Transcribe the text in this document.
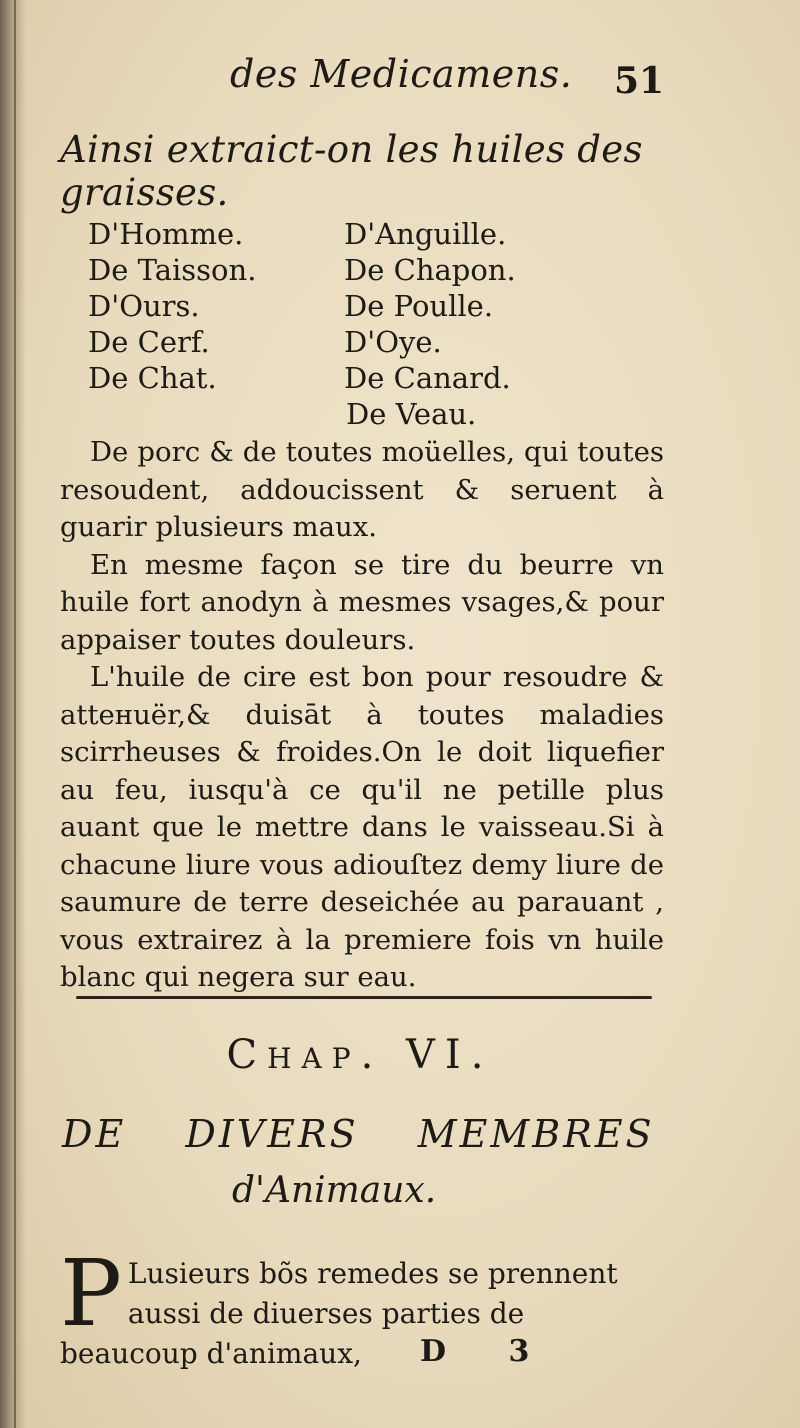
des Medicamens. 51
Ainsi extraict-on les huiles des graisses.
D'Homme.
De Taisson.
D'Ours.
De Cerf.
De Chat.
D'Anguille.
De Chapon.
De Poulle.
D'Oye.
De Canard.
De Veau.

De porc & de toutes moüelles, qui toutes resoudent, addoucissent & seruent à guarir plusieurs maux.

En mesme façon se tire du beurre vn huile fort anodyn à mesmes vsages,& pour appaiser toutes douleurs.

L'huile de cire est bon pour resoudre & atteнuër,& duisāt à toutes maladies scirrheuses & froides.On le doit liquefier au feu, iusqu'à ce qu'il ne petille plus auant que le mettre dans le vaisseau.Si à chacune liure vous adiouſtez demy liure de saumure de terre deseichée au parauant , vous extrairez à la premiere fois vn huile blanc qui negera sur eau.

Chap. VI.
DE DIVERS MEMBRES
d'Animaux.
P Lusieurs bõs remedes se prennent aussi de diuerses parties de beaucoup d'animaux,	D 3
